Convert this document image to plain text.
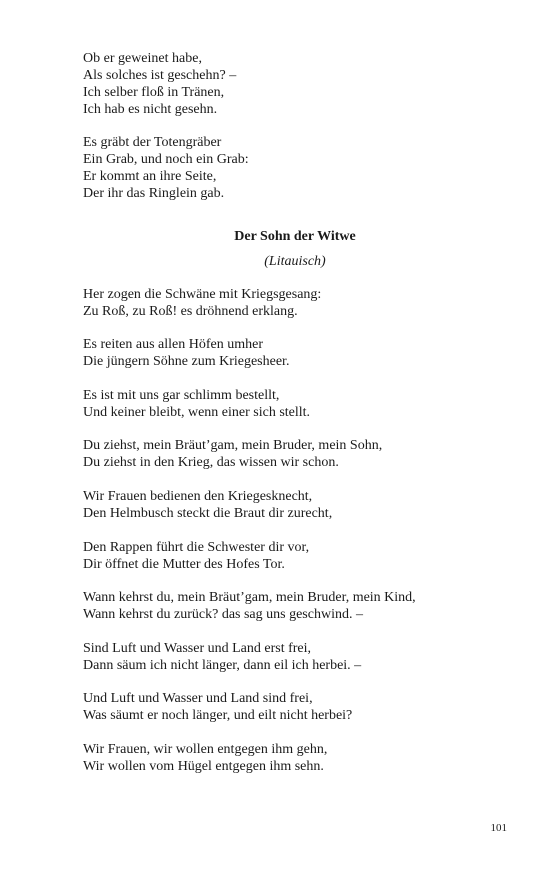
Ob er geweinet habe,
Als solches ist geschehn? –
Ich selber floß in Tränen,
Ich hab es nicht gesehn.
Es gräbt der Totengräber
Ein Grab, und noch ein Grab:
Er kommt an ihre Seite,
Der ihr das Ringlein gab.
Der Sohn der Witwe
(Litauisch)
Her zogen die Schwäne mit Kriegsgesang:
Zu Roß, zu Roß! es dröhnend erklang.
Es reiten aus allen Höfen umher
Die jüngern Söhne zum Kriegesheer.
Es ist mit uns gar schlimm bestellt,
Und keiner bleibt, wenn einer sich stellt.
Du ziehst, mein Bräut’gam, mein Bruder, mein Sohn,
Du ziehst in den Krieg, das wissen wir schon.
Wir Frauen bedienen den Kriegesknecht,
Den Helmbusch steckt die Braut dir zurecht,
Den Rappen führt die Schwester dir vor,
Dir öffnet die Mutter des Hofes Tor.
Wann kehrst du, mein Bräut’gam, mein Bruder, mein Kind,
Wann kehrst du zurück? das sag uns geschwind. –
Sind Luft und Wasser und Land erst frei,
Dann säum ich nicht länger, dann eil ich herbei. –
Und Luft und Wasser und Land sind frei,
Was säumt er noch länger, und eilt nicht herbei?
Wir Frauen, wir wollen entgegen ihm gehn,
Wir wollen vom Hügel entgegen ihm sehn.
101
